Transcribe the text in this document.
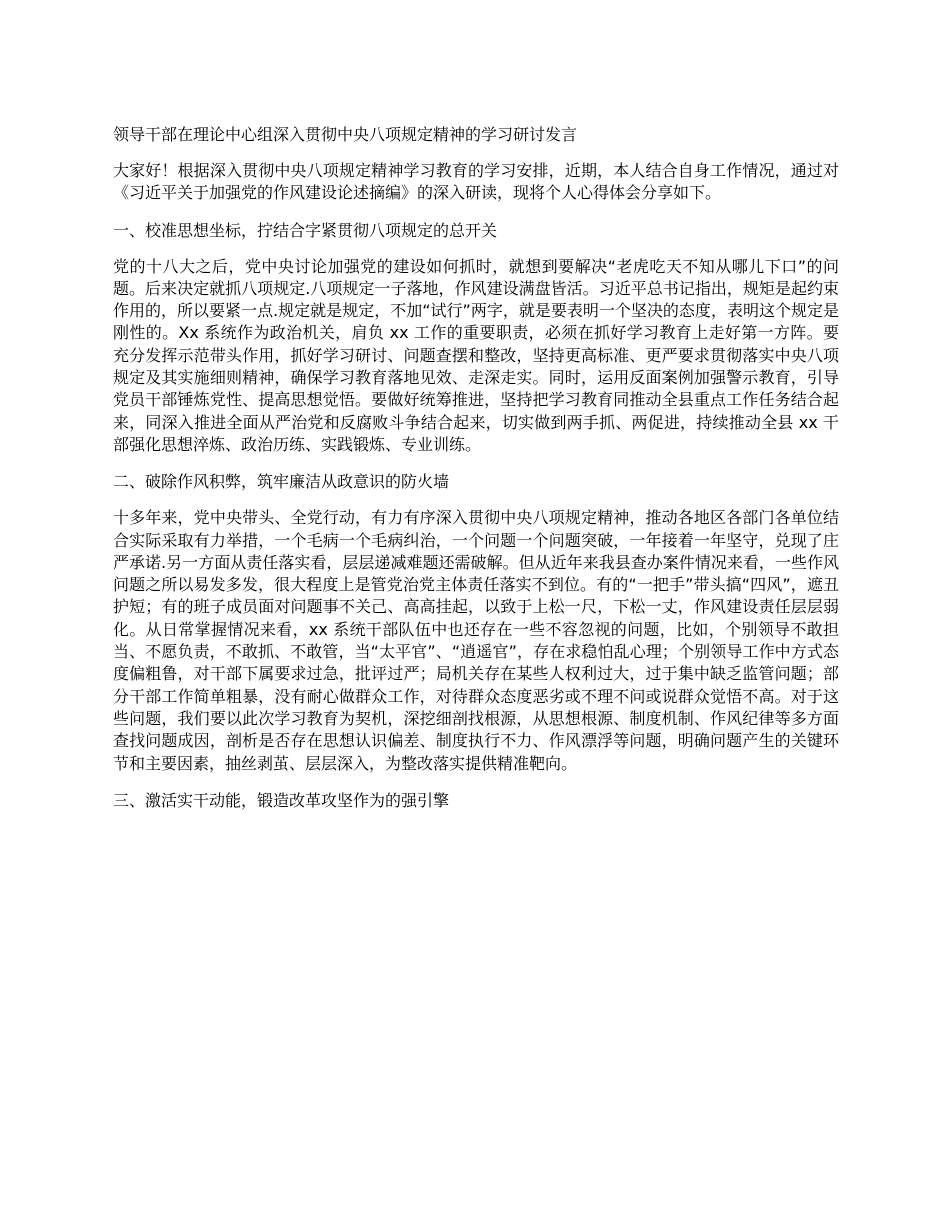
领导干部在理论中心组深入贯彻中央八项规定精神的学习研讨发言

大家好！根据深入贯彻中央八项规定精神学习教育的学习安排，近期，本人结合自身工作情况，通过对《习近平关于加强党的作风建设论述摘编》的深入研读，现将个人心得体会分享如下。

一、校准思想坐标，拧结合字紧贯彻八项规定的总开关

党的十八大之后，党中央讨论加强党的建设如何抓时，就想到要解决“老虎吃天不知从哪儿下口”的问题。后来决定就抓八项规定.八项规定一子落地，作风建设满盘皆活。习近平总书记指出，规矩是起约束作用的，所以要紧一点.规定就是规定，不加“试行”两字，就是要表明一个坚决的态度，表明这个规定是刚性的。Xx 系统作为政治机关，肩负 xx 工作的重要职责，必须在抓好学习教育上走好第一方阵。要充分发挥示范带头作用，抓好学习研讨、问题查摆和整改，坚持更高标准、更严要求贯彻落实中央八项规定及其实施细则精神，确保学习教育落地见效、走深走实。同时，运用反面案例加强警示教育，引导党员干部锤炼党性、提高思想觉悟。要做好统筹推进，坚持把学习教育同推动全县重点工作任务结合起来，同深入推进全面从严治党和反腐败斗争结合起来，切实做到两手抓、两促进，持续推动全县 xx 干部强化思想淬炼、政治历练、实践锻炼、专业训练。

二、破除作风积弊，筑牢廉洁从政意识的防火墙

十多年来，党中央带头、全党行动，有力有序深入贯彻中央八项规定精神，推动各地区各部门各单位结合实际采取有力举措，一个毛病一个毛病纠治，一个问题一个问题突破，一年接着一年坚守，兑现了庄严承诺.另一方面从责任落实看，层层递减难题还需破解。但从近年来我县查办案件情况来看，一些作风问题之所以易发多发，很大程度上是管党治党主体责任落实不到位。有的“一把手”带头搞“四风”，遮丑护短；有的班子成员面对问题事不关己、高高挂起，以致于上松一尺，下松一丈，作风建设责任层层弱化。从日常掌握情况来看，xx 系统干部队伍中也还存在一些不容忽视的问题，比如，个别领导不敢担当、不愿负责，不敢抓、不敢管，当“太平官”、“逍遥官”，存在求稳怕乱心理；个别领导工作中方式态度偏粗鲁，对干部下属要求过急，批评过严；局机关存在某些人权利过大，过于集中缺乏监管问题；部分干部工作简单粗暴，没有耐心做群众工作，对待群众态度恶劣或不理不问或说群众觉悟不高。对于这些问题，我们要以此次学习教育为契机，深挖细剖找根源，从思想根源、制度机制、作风纪律等多方面查找问题成因，剖析是否存在思想认识偏差、制度执行不力、作风漂浮等问题，明确问题产生的关键环节和主要因素，抽丝剥茧、层层深入，为整改落实提供精准靶向。

三、激活实干动能，锻造改革攻坚作为的强引擎
